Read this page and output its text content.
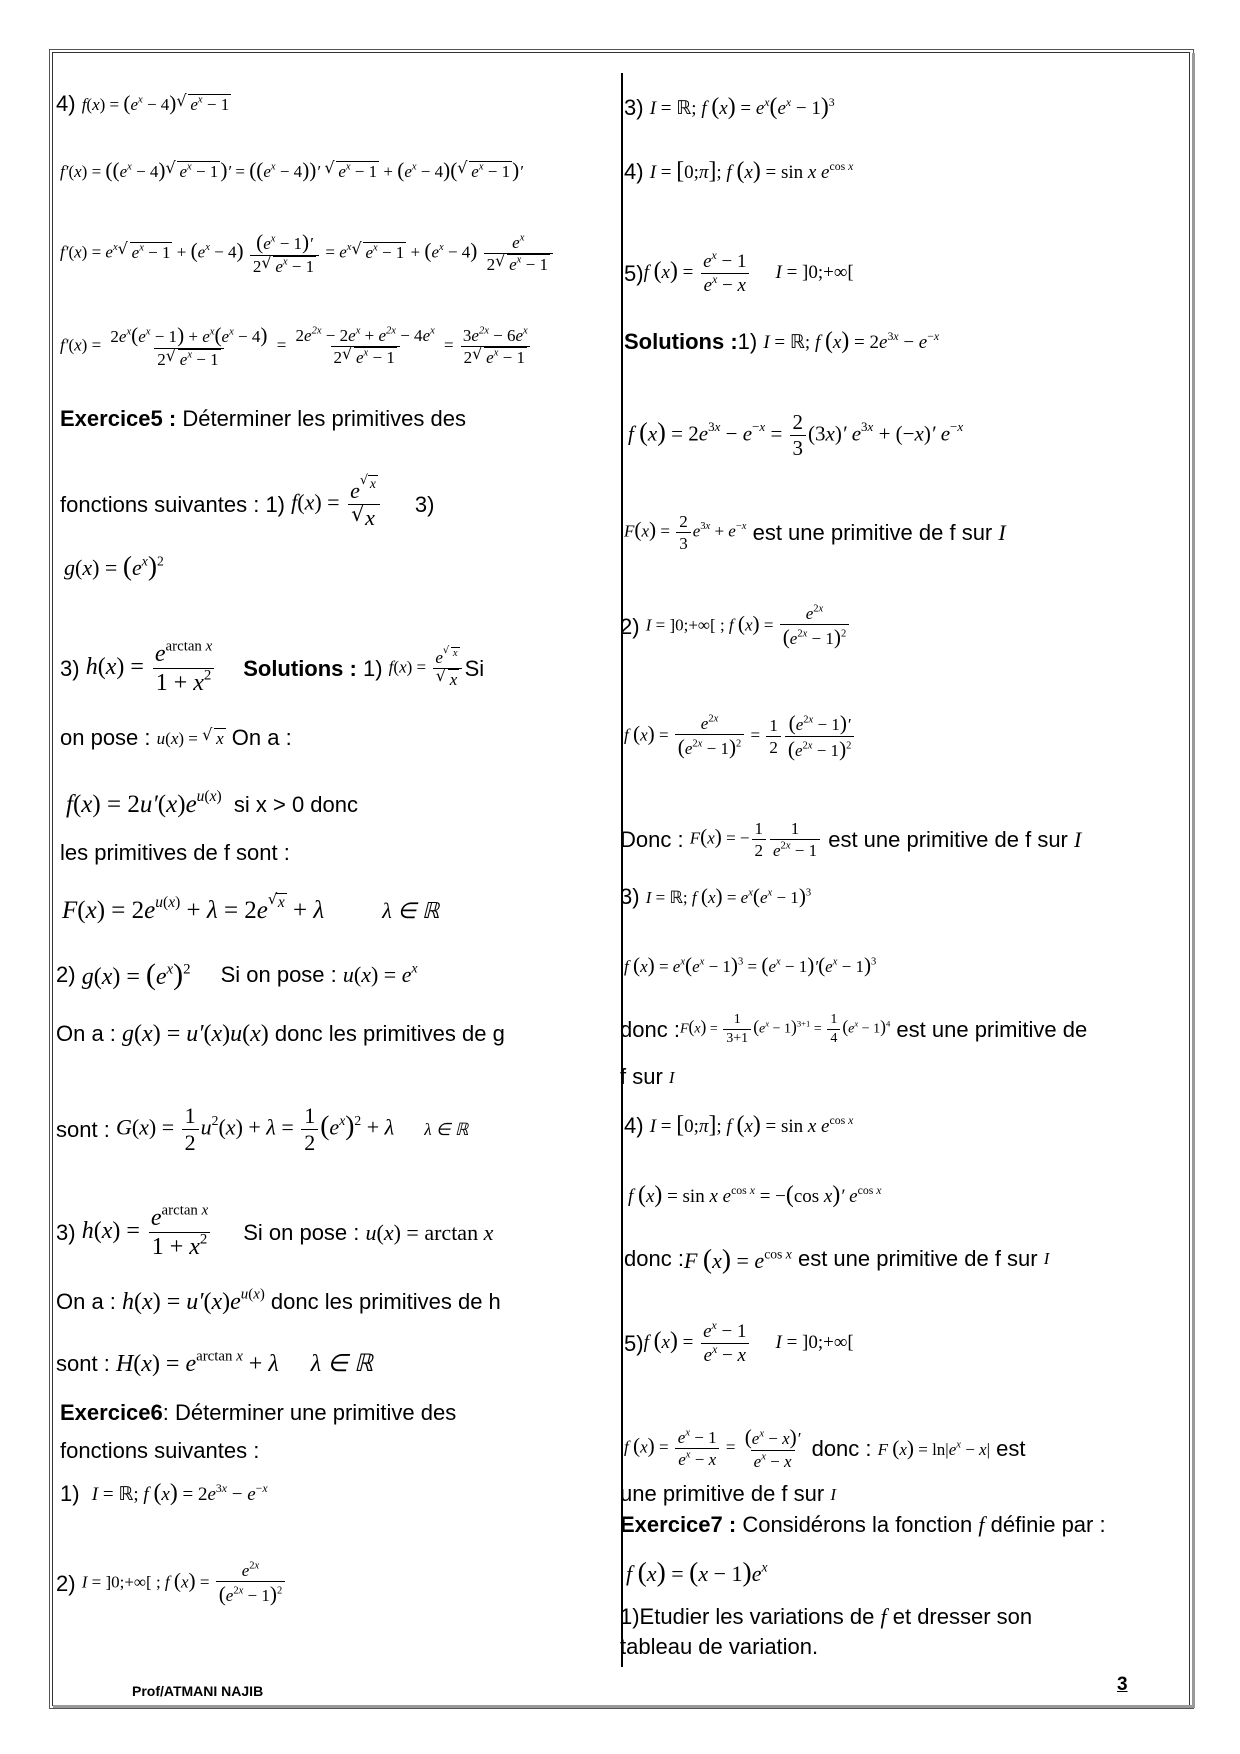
4)
$f(x) = (e^x - 4)$ √ $e^x - 1$
$f'(x) = ((e^x - 4)$ √ $e^x - 1)' = ((e^x - 4))'$ √ $e^x - 1 + (e^x - 4)$( √ $e^x - 1)'$
$f'(x) = e^x$ √ $e^x - 1 + (e^x - 4) \frac{(e^x - 1)'}{2 √ e^x - 1} = e^x$ √ $e^x - 1 + (e^x - 4) \frac{e^x}{2 √ e^x - 1}$
$f'(x) = \frac{2e^x(e^x - 1) + e^x(e^x - 4)}{2 √ e^x - 1} = \frac{2e^{2x} - 2e^x + e^{2x} - 4e^x}{2 √ e^x - 1} = \frac{3e^{2x} - 6e^x}{2 √ e^x - 1}$
Exercice5 :
Déterminer les primitives des
fonctions suivantes : 1)
$f(x) = \frac{e ^{√ x}}{√ x} 3$)
$g(x) = (e^x)^2$
3)
$h(x) = \frac{e^{arctan x}}{1 + x^2}$ Solutions :
1)
$f(x) = \frac{e ^{√ x}}{√ x}$ Si
on pose :
u(x) = √ x
On a :
$f(x) = 2u'(x)e^{u(x)}$
si x > 0 donc
les primitives de f sont :
$F(x) = 2e^{u(x)} + \lambda = 2e$ $^{√ x}$ + λ	λ ∈ ℝ
2)
$g(x) = (e^x)^2$ Si on pose :
$u(x) = e^x$
On a :
g(x) = u′(x)u(x)
donc les primitives de g
sont :
$G(x) = \frac{1}{2} u^2(x) + \lambda = \frac{1}{2} (e^x)^2 + \lambda$ λ ∈ ℝ
3)
$h(x) = \frac{e^{arctan x}}{1 + x^2}$ Si on pose :
u(x) = arctan x
On a :
$h(x) = u'(x)e^{u(x)}$
donc les primitives de h
sont :
$H(x) = e^{arctan x} + \lambda$ λ ∈ ℝ
Exercice6 : Déterminer une primitive des
fonctions suivantes :
1)
I = ℝ; f $(x) = 2e^{3x} - e^{-x}$
2)
I = ]0;+∞[ ; f $(x) = \frac{e^{2x}}{(e^{2x} - 1)^2}$
3)
I = ℝ; f $(x) = e^x(e^x - 1)^3$
4)
I = [0;π]; f (x) = sin x $e^{cos x}$
5) f $(x) = \frac{e^x - 1}{e^x - x}$ I = ]0;+∞[
Solutions : 1)
I = ℝ; f $(x) = 2e^{3x} - e^{-x}$
f $(x) = 2e^{3x} - e^{-x} = \frac{2}{3} (3x)'$ $e^{3x} + (-x)'$ $e^{-x}$
$F(x) = \frac{2}{3} e^{3x} + e^{-x}$
est une primitive de f sur
I
2)
I = ]0;+∞[ ; f $(x) = \frac{e^{2x}}{(e^{2x} - 1)^2}$
f $(x) = \frac{e^{2x}}{(e^{2x} - 1)^2} = \frac{1}{2} \frac{(e^{2x} - 1)'}{(e^{2x} - 1)^2}$
Donc :
F(x) = − $\frac{1}{2} \frac{1}{e^{2x} - 1}$
est une primitive de f sur
I
3)
I = ℝ; f $(x) = e^x(e^x - 1)^3$
f $(x) = e^x(e^x - 1)^3 = (e^x - 1)'(e^x - 1)^3$
donc : $F(x) = \frac{1}{3+1} (e^x - 1)^{3+1} = \frac{1}{4} (e^x - 1)^4$
est une primitive de
f sur
I
4)
I = [0;π]; f (x) = sin x $e^{cos x}$
f (x) = sin x $e^{cos x} = -(\cos$ x)′ $e^{cos x}$
donc : F $(x) = e^{cos x}$
est une primitive de f sur
I
5) f $(x) = \frac{e^x - 1}{e^x - x}$ I = ]0;+∞[
f $(x) = \frac{e^x - 1}{e^x - x} = \frac{(e^x - x)'}{e^x - x}$
donc :
F $(x) = \ln|e^x - x|$
est
une primitive de f sur
I
Exercice7 :
Considérons la fonction
f
définie par :
f $(x) = (x - 1)e^x$
1)Etudier les variations de
f
et dresser son
tableau de variation.
Prof/ATMANI NAJIB	3
